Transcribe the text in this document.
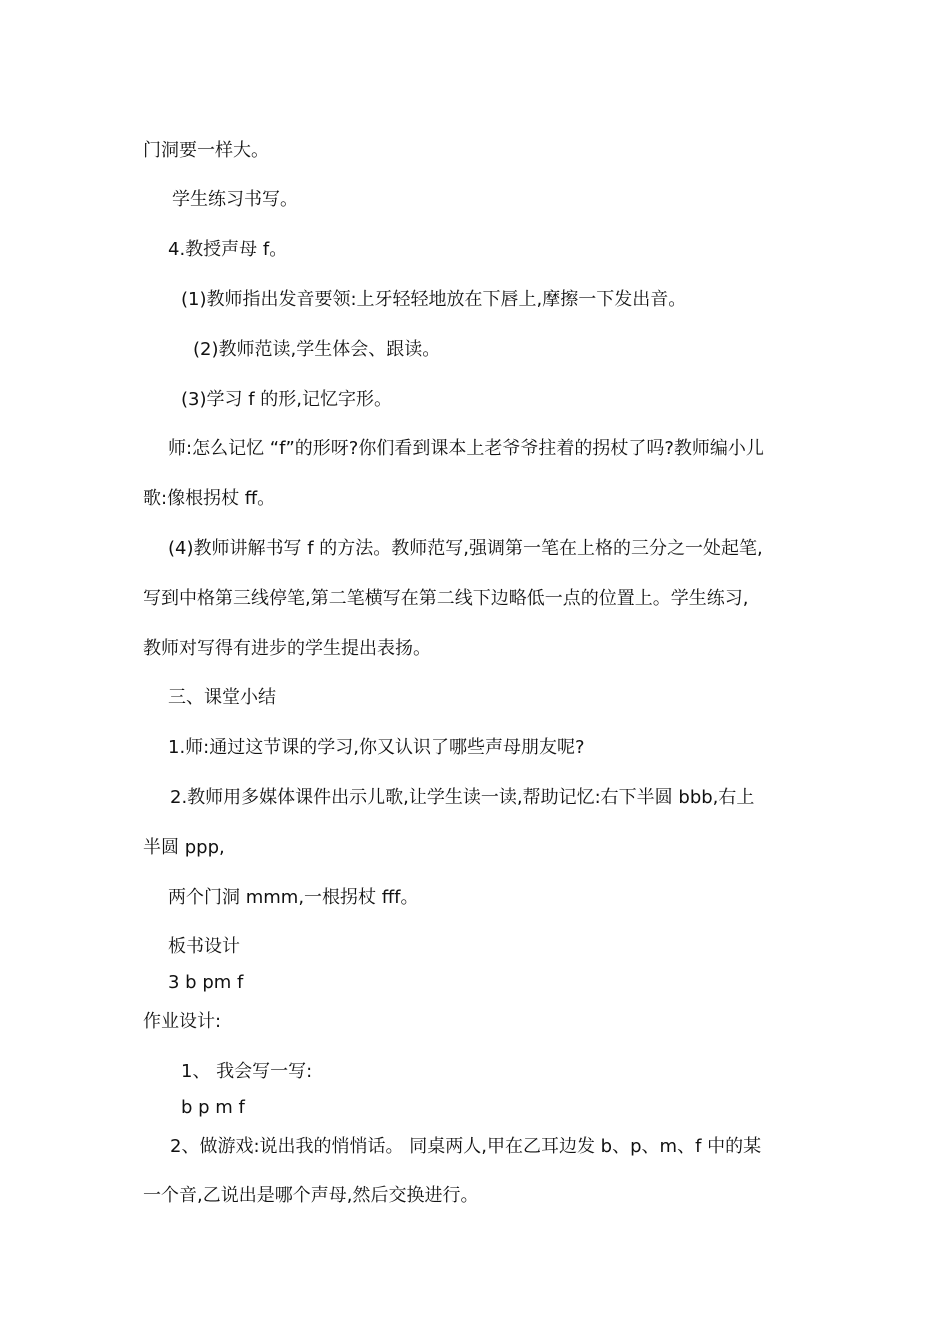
门洞要一样大。
学生练习书写。
4.教授声母 f。
(1)教师指出发音要领:上牙轻轻地放在下唇上,摩擦一下发出音。
(2)教师范读,学生体会、跟读。
(3)学习 f 的形,记忆字形。
师:怎么记忆 “f”的形呀?你们看到课本上老爷爷拄着的拐杖了吗?教师编小儿
歌:像根拐杖 ff。
(4)教师讲解书写 f 的方法。教师范写,强调第一笔在上格的三分之一处起笔,
写到中格第三线停笔,第二笔横写在第二线下边略低一点的位置上。学生练习,
教师对写得有进步的学生提出表扬。
三、课堂小结
1.师:通过这节课的学习,你又认识了哪些声母朋友呢?
2.教师用多媒体课件出示儿歌,让学生读一读,帮助记忆:右下半圆 bbb,右上
半圆 ppp,
两个门洞 mmm,一根拐杖 fff。
板书设计
3 b pm f
作业设计:
1、 我会写一写:
b p m f
2、做游戏:说出我的悄悄话。 同桌两人,甲在乙耳边发 b、p、m、f 中的某
一个音,乙说出是哪个声母,然后交换进行。
